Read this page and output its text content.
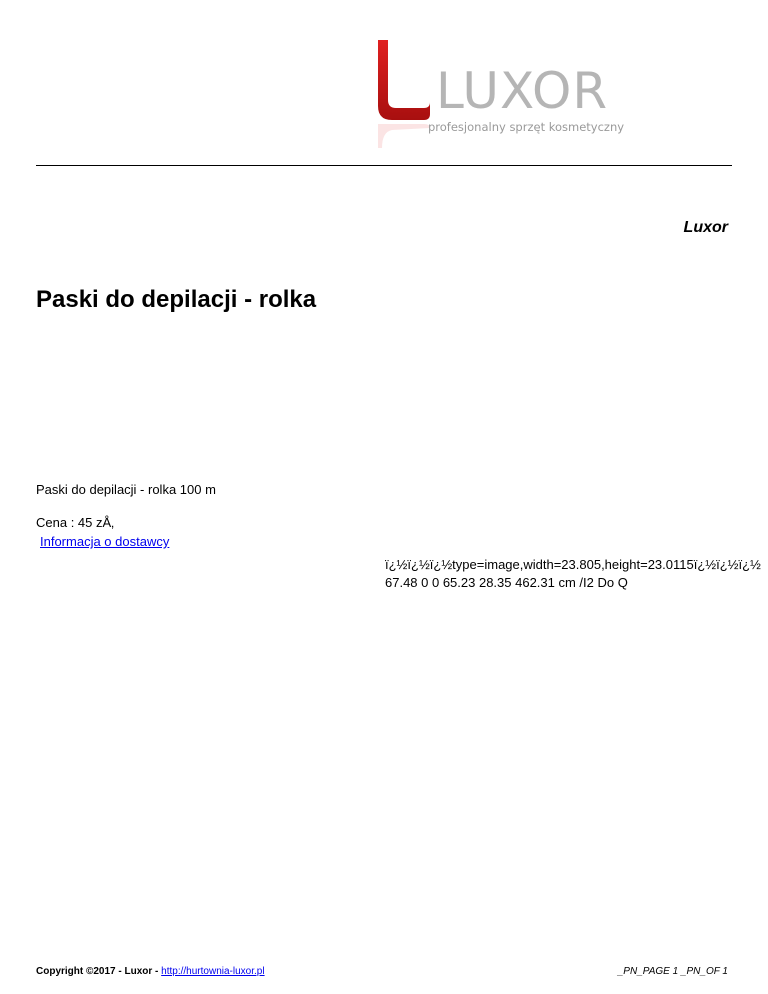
LUXOR
profesjonalny sprzęt kosmetyczny
Luxor
Paski do depilacji - rolka
Paski do depilacji - rolka 100 m
Cena : 45 zÅ‚
Informacja o dostawcy
ï¿½ï¿½ï¿½type=image,width=23.805,height=23.0115ï¿½ï¿½ï¿½
67.48 0 0 65.23 28.35 462.31 cm /I2 Do Q
Copyright ©2017 - Luxor - http://hurtownia-luxor.pl	_PN_PAGE 1 _PN_OF 1
